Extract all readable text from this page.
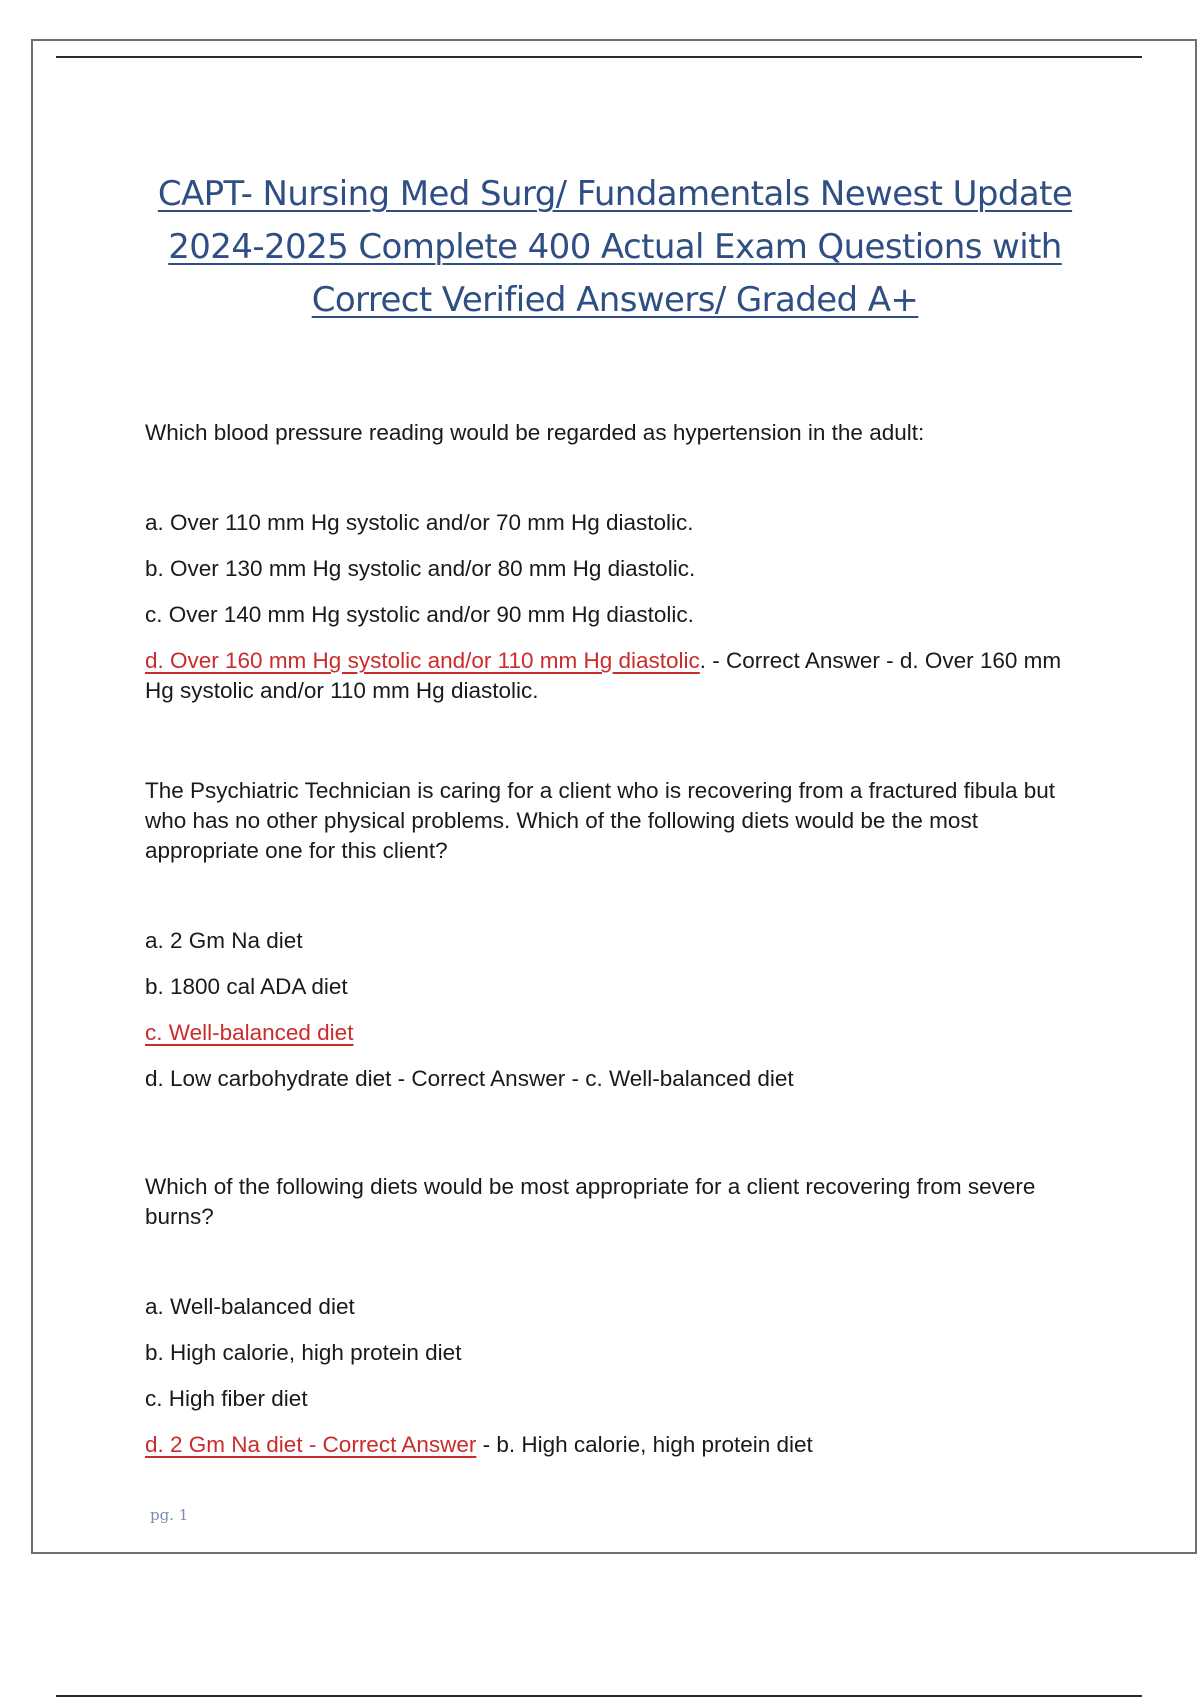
CAPT- Nursing Med Surg/ Fundamentals Newest Update
2024-2025 Complete 400 Actual Exam Questions with
Correct Verified Answers/ Graded A+

Which blood pressure reading would be regarded as hypertension in the adult:

a. Over 110 mm Hg systolic and/or 70 mm Hg diastolic.
b. Over 130 mm Hg systolic and/or 80 mm Hg diastolic.
c. Over 140 mm Hg systolic and/or 90 mm Hg diastolic.
d. Over 160 mm Hg systolic and/or 110 mm Hg diastolic. - Correct Answer - d. Over 160 mm Hg systolic and/or 110 mm Hg diastolic.

The Psychiatric Technician is caring for a client who is recovering from a fractured fibula but who has no other physical problems. Which of the following diets would be the most appropriate one for this client?

a. 2 Gm Na diet
b. 1800 cal ADA diet
c. Well-balanced diet
d. Low carbohydrate diet - Correct Answer - c. Well-balanced diet

Which of the following diets would be most appropriate for a client recovering from severe burns?

a. Well-balanced diet
b. High calorie, high protein diet
c. High fiber diet
d. 2 Gm Na diet - Correct Answer - b. High calorie, high protein diet
pg. 1
